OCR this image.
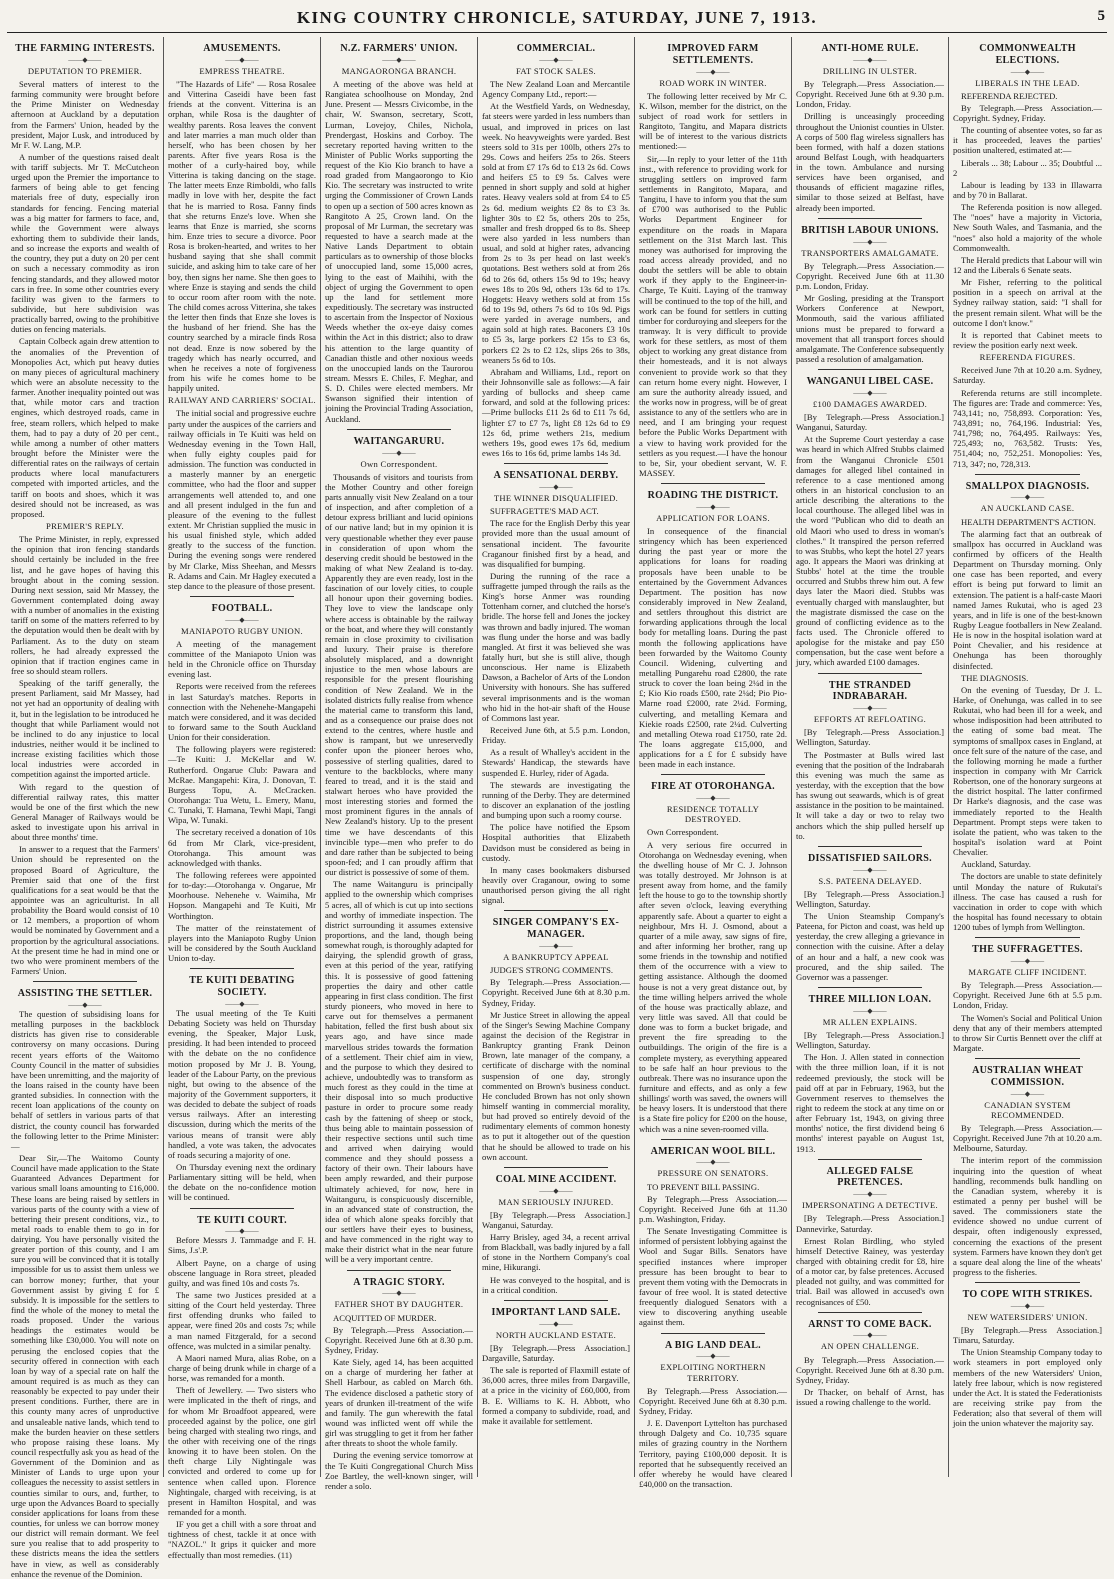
KING COUNTRY CHRONICLE, SATURDAY, JUNE 7, 1913.	5
THE FARMING INTERESTS.
——◆——
DEPUTATION TO PREMIER.

Several matters of interest to the farming community were brought before the Prime Minister on Wednesday afternoon at Auckland by a deputation from the Farmers' Union, headed by the president, Major Lusk, and introduced by Mr F. W. Lang, M.P.

A number of the questions raised dealt with tariff subjects. Mr T. McCutcheon urged upon the Premier the importance to farmers of being able to get fencing materials free of duty, especially iron standards for fencing. Fencing material was a big matter for farmers to face, and, while the Government were always exhorting them to subdivide their lands, and so increase the exports and wealth of the country, they put a duty on 20 per cent on such a necessary commodity as iron fencing standards, and they allowed motor cars in free. In some other countries every facility was given to the farmers to subdivide, but here subdivision was practically barred, owing to the prohibitive duties on fencing materials.

Captain Colbeck again drew attention to the anomalies of the Prevention of Monopolies Act, which put heavy duties on many pieces of agricultural machinery which were an absolute necessity to the farmer. Another inequality pointed out was that, while motor cars and traction engines, which destroyed roads, came in free, steam rollers, which helped to make them, had to pay a duty of 20 per cent., while among a number of other matters brought before the Minister were the differential rates on the railways of certain products where local manufacturers competed with imported articles, and the tariff on boots and shoes, which it was desired should not be increased, as was proposed.

PREMIER'S REPLY.

The Prime Minister, in reply, expressed the opinion that iron fencing standards should certainly be included in the free list, and he gave hopes of having this brought about in the coming session. During next session, said Mr Massey, the Government contemplated doing away with a number of anomalies in the existing tariff on some of the matters referred to by the deputation would then be dealt with by Parliament. As to the duty on steam rollers, he had already expressed the opinion that if traction engines came in free so should steam rollers.

Speaking of the tariff generally, the present Parliament, said Mr Massey, had not yet had an opportunity of dealing with it, but in the legislation to be introduced he thought that while Parliament would not be inclined to do any injustice to local industries, neither would it be inclined to increase existing facilities which those local industries were accorded in competition against the imported article.

With regard to the question of differential railway rates, this matter would be one of the first which the new General Manager of Railways would be asked to investigate upon his arrival in about three months' time.

In answer to a request that the Farmers' Union should be represented on the proposed Board of Agriculture, the Premier said that one of the first qualifications for a seat would be that the appointee was an agriculturist. In all probability the Board would consist of 10 or 12 members, a proportion of whom would be nominated by Government and a proportion by the agricultural associations. At the present time he had in mind one or two who were prominent members of the Farmers' Union.

ASSISTING THE SETTLER.
——◆——

The question of subsidising loans for metalling purposes in the backblock districts has given rise to considerable controversy on many occasions. During recent years efforts of the Waitomo County Council in the matter of subsidies have been unremitting, and the majority of the loans raised in the county have been granted subsidies. In connection with the recent loan applications of the county on behalf of settlers in various parts of that district, the county council has forwarded the following letter to the Prime Minister:—

Dear Sir,—The Waitomo County Council have made application to the State Guaranteed Advances Department for various small loans amounting to £16,000. These loans are being raised by settlers in various parts of the county with a view of bettering their present conditions, viz., to metal roads to enable them to go in for dairying. You have personally visited the greater portion of this county, and I am sure you will be convinced that it is totally impossible for us to assist them unless we can borrow money; further, that your Government assist by giving £ for £ subsidy. It is impossible for the settlers to find the whole of the money to metal the roads proposed. Under the various headings the estimates would be something like £30,000. You will note on perusing the enclosed copies that the security offered in connection with each loan by way of a special rate on half the amount required is as much as they can reasonably be expected to pay under their present conditions. Further, there are in this county many acres of unproductive and unsaleable native lands, which tend to make the burden heavier on these settlers who propose raising these loans. My council respectfully ask you as head of the Government of the Dominion and as Minister of Lands to urge upon your colleagues the necessity to assist settlers in counties similar to ours, and, further, to urge upon the Advances Board to specially consider applications for loans from these counties, for unless we can borrow money our district will remain dormant. We feel sure you realise that to add prosperity to these districts means the idea the settlers have in view, as well as considerably enhance the revenue of the Dominion.

AMUSEMENTS.
——◆——
EMPRESS THEATRE.

"The Hazards of Life" — Rosa Rosalee and Vitterina Caseidi have been fast friends at the convent. Vitterina is an orphan, while Rosa is the daughter of wealthy parents. Rosa leaves the convent and later marries a man much older than herself, who has been chosen by her parents. After five years Rosa is the mother of a curly-haired boy, while Vitterina is taking dancing on the stage. The latter meets Enze Rimboldi, who falls madly in love with her, despite the fact that he is married to Rosa. Fanny finds that she returns Enze's love. When she learns that Enze is married, she scorns him. Enze tries to secure a divorce. Poor Rosa is broken-hearted, and writes to her husband saying that she shall commit suicide, and asking him to take care of her boy, then signs her name. She then goes to where Enze is staying and sends the child to occur room after room with the note. The child comes across Vitterina, she takes the letter then finds that Enze she loves is the husband of her friend. She has the country searched by a miracle finds Rosa not dead. Enze is now sobered by the tragedy which has nearly occurred, and when he receives a note of forgiveness from his wife he comes home to be happily united.

RAILWAY AND CARRIERS' SOCIAL.

The initial social and progressive euchre party under the auspices of the carriers and railway officials in Te Kuiti was held on Wednesday evening in the Town Hall, when fully eighty couples paid for admission. The function was conducted in a masterly manner by an energetic committee, who had the floor and supper arrangements well attended to, and one and all present indulged in the fun and pleasure of the evening to the fullest extent. Mr Christian supplied the music in his usual finished style, which added greatly to the success of the function. During the evening songs were rendered by Mr Clarke, Miss Sheehan, and Messrs R. Adams and Cain. Mr Hagley executed a step dance to the pleasure of those present.

FOOTBALL.
——◆——
MANIAPOTO RUGBY UNION.

A meeting of the management committee of the Maniapoto Union was held in the Chronicle office on Thursday evening last.

Reports were received from the referees in last Saturday's matches. Reports in connection with the Nehenehe-Mangapehi match were considered, and it was decided to forward same to the South Auckland Union for their consideration.

The following players were registered:—Te Kuiti: J. McKellar and W. Rutherford. Ongarue Club: Pawara and McRae. Mangapehi: Kira, J. Donovan, T. Burgess Topu, A. McCracken. Otorohanga: Tua Wetu, L. Emery, Manu, C. Tunaki, T. Hamana, Tewhi Mapi, Tangi Wipa, W. Tunaki.

The secretary received a donation of 10s 6d from Mr Clark, vice-president, Otorohanga. This amount was acknowledged with thanks.

The following referees were appointed for to-day:—Otorohanga v. Ongarue, Mr Moorhouse. Nehenehe v. Waimiha, Mr Hopson. Mangapehi and Te Kuiti, Mr Worthington.

The matter of the reinstatement of players into the Maniapoto Rugby Union will be considered by the South Auckland Union to-day.

TE KUITI DEBATING SOCIETY.
——◆——

The usual meeting of the Te Kuiti Debating Society was held on Thursday evening, the Speaker, Major Lusk, presiding. It had been intended to proceed with the debate on the no confidence motion proposed by Mr J. B. Young, leader of the Labour Party, on the previous night, but owing to the absence of the majority of the Government supporters, it was decided to debate the subject of roads versus railways. After an interesting discussion, during which the merits of the various means of transit were ably handled, a vote was taken, the advocates of roads securing a majority of one.

On Thursday evening next the ordinary Parliamentary sitting will be held, when the debate on the no-confidence motion will be continued.

TE KUITI COURT.
——◆——

Before Messrs J. Tammadge and F. H. Sims, J.s'.P.

Albert Payne, on a charge of using obscene language in Rora street, pleaded guilty, and was fined 10s and costs 7s.

The same two Justices presided at a sitting of the Court held yesterday. Three first offending drunks who failed to appear, were fined 20s and costs 7s; while a man named Fitzgerald, for a second offence, was mulcted in a similar penalty.

A Maori named Mura, alias Robe, on a charge of being drunk while in charge of a horse, was remanded for a month.

Theft of Jewellery. — Two sisters who were implicated in the theft of rings, and for whom Mr Broadfoot appeared, were proceeded against by the police, one girl being charged with stealing two rings, and the other with receiving one of the rings knowing it to have been stolen. On the theft charge Lily Nightingale was convicted and ordered to come up for sentence when called upon. Florence Nightingale, charged with receiving, is at present in Hamilton Hospital, and was remanded for a month.

IF you get a chill with a sore throat and tightness of chest, tackle it at once with "NAZOL." It grips it quicker and more effectually than most remedies. (11)

N.Z. FARMERS' UNION.
——◆——
MANGAORONGA BRANCH.

A meeting of the above was held at Rangiatea schoolhouse on Monday, 2nd June. Present — Messrs Civicombe, in the chair, W. Swanson, secretary, Scott, Lurman, Lovejoy, Chiles, Nichola, Prendergast, Hoskins and Corboy. The secretary reported having written to the Minister of Public Works supporting the request of the Kio Kio branch to have a road graded from Mangaorongo to Kio Kio. The secretary was instructed to write urging the Commissioner of Crown Lands to open up a section of 500 acres known as Rangitoto A 25, Crown land. On the proposal of Mr Lurman, the secretary was requested to have a search made at the Native Lands Department to obtain particulars as to ownership of those blocks of unoccupied land, some 15,000 acres, lying to the east of Maihihi, with the object of urging the Government to open up the land for settlement more expeditiously. The secretary was instructed to ascertain from the Inspector of Noxious Weeds whether the ox-eye daisy comes within the Act in this district; also to draw his attention to the large quantity of Canadian thistle and other noxious weeds on the unoccupied lands on the Taurorou stream. Messrs E. Chiles, F. Meghar, and S. D. Chiles were elected members. Mr Swanson signified their intention of joining the Provincial Trading Association, Auckland.

WAITANGARURU.
——◆——
Own Correspondent.

Thousands of visitors and tourists from the Mother Country and other foreign parts annually visit New Zealand on a tour of inspection, and after completion of a detour express brilliant and lucid opinions of our native land; but in my opinion it is very questionable whether they ever pause in consideration of upon whom the deserving credit should be bestowed in the making of what New Zealand is to-day. Apparently they are even ready, lost in the fascination of our lovely cities, to couple all honour upon their governing bodies. They love to view the landscape only where access is obtainable by the railway or the boat, and where they will constantly remain in close proximity to civilisation and luxury. Their praise is therefore absolutely misplaced, and a downright injustice to the men whose labours are responsible for the present flourishing condition of New Zealand. We in the isolated districts fully realise from whence the material came to transform this land, and as a consequence our praise does not extend to the centres, where hustle and show is rampant, but we unreservedly confer upon the pioneer heroes who, possessive of sterling qualities, dared to venture to the backblocks, where many feared to tread, and it is the staid and stalwart heroes who have provided the most interesting stories and formed the most prominent figures in the annals of New Zealand's history. Up to the present time we have descendants of this invincible type—men who prefer to do and dare rather than be subjected to being spoon-fed; and I can proudly affirm that our district is possessive of some of them.

The name Waitanguru is principally applied to the ownership which comprises 5 acres, all of which is cut up into sections and worthy of immediate inspection. The district surrounding it assumes extensive proportions, and the land, though being somewhat rough, is thoroughly adapted for dairying, the splendid growth of grass, even at this period of the year, ratifying this. It is possessive of good fattening properties the dairy and other cattle appearing in first class condition. The first sturdy pioneers, who moved in here to carve out for themselves a permanent habitation, felled the first bush about six years ago, and have since made marvellous strides towards the formation of a settlement. Their chief aim in view, and the purpose to which they desired to achieve, undoubtedly was to transform as much forest as they could in the time at their disposal into so much productive pasture in order to procure some ready cash by the fattening of sheep or stock, thus being able to maintain possession of their respective sections until such time and arrived when dairying would commence and they should possess a factory of their own. Their labours have been amply rewarded, and their purpose ultimately achieved, for now, here in Waitanguru, is conspicuously discernible, in an advanced state of construction, the idea of which alone speaks forcibly that our settlers have their eyes to business, and have commenced in the right way to make their district what in the near future will be a very important centre.

A TRAGIC STORY.
——◆——
FATHER SHOT BY DAUGHTER.

ACQUITTED OF MURDER.

By Telegraph.—Press Association.—Copyright. Received June 6th at 8.30 p.m. Sydney, Friday.

Kate Siely, aged 14, has been acquitted on a charge of murdering her father at Shell Harbour, as cabled on March 6th. The evidence disclosed a pathetic story of years of drunken ill-treatment of the wife and family. The gun wherewith the fatal wound was inflicted went off while the girl was struggling to get it from her father after threats to shoot the whole family.

During the evening service tomorrow at the Te Kuiti Congregational Church Miss Zoe Bartley, the well-known singer, will render a solo.

COMMERCIAL.
——◆——
FAT STOCK SALES.

The New Zealand Loan and Mercantile Agency Company Ltd., report:—

At the Westfield Yards, on Wednesday, fat steers were yarded in less numbers than usual, and improved in prices on last week. No heavyweights were yarded. Best steers sold to 31s per 100lb, others 27s to 29s. Cows and heifers 25s to 26s. Steers sold at from £7 17s 6d to £13 2s 6d. Cows and heifers £5 to £9 5s. Calves were penned in short supply and sold at higher rates. Heavy vealers sold at from £4 to £5 2s 6d. medium weights £2 8s to £3 3s. lighter 30s to £2 5s, others 20s to 25s, smaller and fresh dropped 6s to 8s. Sheep were also yarded in less numbers than usual, and sold at higher rates, advancing from 2s to 3s per head on last week's quotations. Best wethers sold at from 26s 6d to 26s 6d, others 15s 9d to 19s; heavy ewes 18s to 20s 9d, others 13s 6d to 17s. Hoggets: Heavy wethers sold at from 15s 6d to 19s 9d, others 7s 6d to 10s 9d. Pigs were yarded in average numbers, and again sold at high rates. Baconers £3 10s to £5 3s, large porkers £2 15s to £3 6s, porkers £2 2s to £2 12s, slips 26s to 38s, weaners 5s 6d to 10s.

Abraham and Williams, Ltd., report on their Johnsonville sale as follows:—A fair yarding of bullocks and sheep came forward, and sold at the following prices:—Prime bullocks £11 2s 6d to £11 7s 6d, lighter £7 to £7 7s, light £8 12s 6d to £9 12s 6d, prime wethers 21s, medium wethers 19s, good ewes 17s 6d, medium ewes 16s to 16s 6d, prime lambs 14s 3d.

A SENSATIONAL DERBY.
——◆——
THE WINNER DISQUALIFIED.

SUFFRAGETTE'S MAD ACT.

The race for the English Derby this year provided more than the usual amount of sensational incident. The favourite Craganour finished first by a head, and was disqualified for bumping.

During the running of the race a suffragette jumped through the rails as the King's horse Anmer was rounding Tottenham corner, and clutched the horse's bridle. The horse fell and Jones the jockey was thrown and badly injured. The woman was flung under the horse and was badly mangled. At first it was believed she was fatally hurt, but she is still alive, though unconscious. Her name is Elizabeth Dawson, a Bachelor of Arts of the London University with honours. She has suffered several imprisonments and is the woman who hid in the hot-air shaft of the House of Commons last year.

Received June 6th, at 5.5 p.m. London, Friday.

As a result of Whalley's accident in the Stewards' Handicap, the stewards have suspended E. Hurley, rider of Agada.

The stewards are investigating the running of the Derby. They are determined to discover an explanation of the jostling and bumping upon such a roomy course.

The police have notified the Epsom Hospital authorities that Elizabeth Davidson must be considered as being in custody.

In many cases bookmakers disbursed heavily over Craganour, owing to some unauthorised person giving the all right signal.

SINGER COMPANY'S EX-MANAGER.
——◆——
A BANKRUPTCY APPEAL

JUDGE'S STRONG COMMENTS.

By Telegraph.—Press Association.—Copyright. Received June 6th at 8.30 p.m. Sydney, Friday.

Mr Justice Street in allowing the appeal of the Singer's Sewing Machine Company against the decision of the Registrar in Bankruptcy granting Frank Deinon Brown, late manager of the company, a certificate of discharge with the nominal suspension of one day, strongly commented on Brown's business conduct. He concluded Brown has not only shown himself wanting in commercial morality, but had proved so entirely devoid of the rudimentary elements of common honesty as to put it altogether out of the question that he should be allowed to trade on his own account.

COAL MINE ACCIDENT.
——◆——
MAN SERIOUSLY INJURED.

[By Telegraph.—Press Association.] Wanganui, Saturday.

Harry Brisley, aged 34, a recent arrival from Blackball, was badly injured by a fall of stone in the Northern Company's coal mine, Hikurangi.

He was conveyed to the hospital, and is in a critical condition.

IMPORTANT LAND SALE.
——◆——
NORTH AUCKLAND ESTATE.

[By Telegraph.—Press Association.] Dargaville, Saturday.

The sale is reported of Flaxmill estate of 36,000 acres, three miles from Dargaville, at a price in the vicinity of £60,000, from B. E. Williams to K. H. Abbott, who formed a company to subdivide, road, and make it available for settlement.

IMPROVED FARM SETTLEMENTS.
——◆——
ROAD WORK IN WINTER.

The following letter received by Mr C. K. Wilson, member for the district, on the subject of road work for settlers in Rangitoto, Tangitu, and Mapara districts will be of interest to the various districts mentioned:—

Sir,—In reply to your letter of the 11th inst., with reference to providing work for struggling settlers on improved farm settlements in Rangitoto, Mapara, and Tangitu, I have to inform you that the sum of £700 was authorised to the Public Works Department Engineer for expenditure on the roads in Mapara settlement on the 31st March last. This money was authorised for improving the road access already provided, and no doubt the settlers will be able to obtain work if they apply to the Engineer-in-Charge, Te Kuiti. Laying of the tramway will be continued to the top of the hill, and work can be found for settlers in cutting timber for corduroying and sleepers for the tramway. It is very difficult to provide work for these settlers, as most of them object to working any great distance from their homesteads, and it is not always convenient to provide work so that they can return home every night. However, I am sure the authority already issued, and the works now in progress, will be of great assistance to any of the settlers who are in need, and I am bringing your request before the Public Works Department with a view to having work provided for the settlers as you request.—I have the honour to be, Sir, your obedient servant, W. F. MASSEY.

ROADING THE DISTRICT.
——◆——
APPLICATION FOR LOANS.

In consequence of the financial stringency which has been experienced during the past year or more the applications for loans for roading proposals have been unable to be entertained by the Government Advances Department. The position has now considerably improved in New Zealand, and settlers throughout this district are forwarding applications through the local body for metalling loans. During the past month the following applications have been forwarded by the Waitomo County Council. Widening, culverting and metalling Pungarehu road £2800, the rate struck to cover the loan being 2¼d in the £; Kio Kio roads £500, rate 2¼d; Pio Pio-Marne road £2000, rate 2¼d. Forming, culverting, and metalling Kemara and Kiekie roads £2500, rate 2¼d. Culverting and metalling Otewa road £1750, rate 2d. The loans aggregate £15,000, and applications for a £ for £ subsidy have been made in each instance.

FIRE AT OTOROHANGA.
——◆——
RESIDENCE TOTALLY DESTROYED.

Own Correspondent.

A very serious fire occurred in Otorohanga on Wednesday evening, when the dwelling house of Mr C. J. Johnson was totally destroyed. Mr Johnson is at present away from home, and the family left the house to go to the township shortly after seven o'clock, leaving everything apparently safe. About a quarter to eight a neighbour, Mrs H. J. Osmond, about a quarter of a mile away, saw signs of fire, and after informing her brother, rang up some friends in the township and notified them of the occurrence with a view to getting assistance. Although the doomed house is not a very great distance out, by the time willing helpers arrived the whole of the house was practically ablaze, and very little was saved. All that could be done was to form a bucket brigade, and prevent the fire spreading to the outbuildings. The origin of the fire is a complete mystery, as everything appeared to be safe half an hour previous to the outbreak. There was no insurance upon the furniture and effects, and as only a few shillings' worth was saved, the owners will be heavy losers. It is understood that there is a State fire policy for £200 on the house, which was a nine seven-roomed villa.

AMERICAN WOOL BILL.
——◆——
PRESSURE ON SENATORS.

TO PREVENT BILL PASSING.

By Telegraph.—Press Association.—Copyright. Received June 6th at 11.30 p.m. Washington, Friday.

The Senate Investigating Committee is informed of persistent lobbying against the Wool and Sugar Bills. Senators have specified instances where improper pressure has been brought to bear to prevent them voting with the Democrats in favour of free wool. It is stated detective freequently dialogued Senators with a view to discovering anything useable against them.

A BIG LAND DEAL.
——◆——
EXPLOITING NORTHERN TERRITORY.

By Telegraph.—Press Association.—Copyright. Received June 6th at 8.30 p.m. Sydney, Friday.

J. E. Davenport Lyttelton has purchased through Dalgety and Co. 10,735 square miles of grazing country in the Northern Territory, paying £100,000 deposit. It is reported that he subsequently received an offer whereby he would have cleared £40,000 on the transaction.

ANTI-HOME RULE.
——◆——
DRILLING IN ULSTER.

By Telegraph.—Press Association.—Copyright. Received June 6th at 9.30 p.m. London, Friday.

Drilling is unceasingly proceeding throughout the Unionist counties in Ulster. A corps of 500 flag wireless signallers has been formed, with half a dozen stations around Belfast Lough, with headquarters in the town. Ambulance and nursing services have been organised, and thousands of efficient magazine rifles, similar to those seized at Belfast, have already been imported.

BRITISH LABOUR UNIONS.
——◆——
TRANSPORTERS AMALGAMATE.

By Telegraph.—Press Association.—Copyright. Received June 6th at 11.30 p.m. London, Friday.

Mr Gosling, presiding at the Transport Workers Conference at Newport, Monmouth, said the various affiliated unions must be prepared to forward a movement that all transport forces should amalgamate. The Conference subsequently passed a resolution of amalgamation.

WANGANUI LIBEL CASE.
——◆——
£100 DAMAGES AWARDED.

[By Telegraph.—Press Association.] Wanganui, Saturday.

At the Supreme Court yesterday a case was heard in which Alfred Stubbs claimed from the Wanganui Chronicle £501 damages for alleged libel contained in reference to a case mentioned among others in an historical conclusion to an article describing the alterations to the local courthouse. The alleged libel was in the word "Publican who did to death an old Maori who used to dress in woman's clothes." It transpired the person referred to was Stubbs, who kept the hotel 27 years ago. It appears the Maori was drinking at Stubbs' hotel at the time the trouble occurred and Stubbs threw him out. A few days later the Maori died. Stubbs was eventually charged with manslaughter, but the magistrate dismissed the case on the ground of conflicting evidence as to the facts used. The Chronicle offered to apologise for the mistake and pay £50 compensation, but the case went before a jury, which awarded £100 damages.

THE STRANDED INDRABARAH.
——◆——
EFFORTS AT REFLOATING.

[By Telegraph.—Press Association.] Wellington, Saturday.

The Postmaster at Bulls wired last evening that the position of the Indrabarah this evening was much the same as yesterday, with the exception that the bow has swung out seawards, which is of great assistance in the position to be maintained. It will take a day or two to relay two anchors which the ship pulled herself up to.

DISSATISFIED SAILORS.
——◆——
S.S. PATEENA DELAYED.

[By Telegraph.—Press Association.] Wellington, Saturday.

The Union Steamship Company's Pateena, for Picton and coast, was held up yesterday, the crew alleging a grievance in connection with the cuisine. After a delay of an hour and a half, a new cook was procured, and the ship sailed. The Governor was a passenger.

THREE MILLION LOAN.
——◆——
MR ALLEN EXPLAINS.

[By Telegraph.—Press Association.] Wellington, Saturday.

The Hon. J. Allen stated in connection with the three million loan, if it is not redeemed previously, the stock will be paid off at par in February, 1963, but the Government reserves to themselves the right to redeem the stock at any time on or after February 1st, 1943, on giving three months' notice, the first dividend being 6 months' interest payable on August 1st, 1913.

ALLEGED FALSE PRETENCES.
——◆——
IMPERSONATING A DETECTIVE.

[By Telegraph.—Press Association.] Dannevirke, Saturday.

Ernest Rolan Birdling, who styled himself Detective Rainey, was yesterday charged with obtaining credit for £8, hire of a motor car, by false pretences. Accused pleaded not guilty, and was committed for trial. Bail was allowed in accused's own recognisances of £50.

ARNST TO COME BACK.
——◆——
AN OPEN CHALLENGE.

By Telegraph.—Press Association.—Copyright. Received June 6th at 8.30 p.m. Sydney, Friday.

Dr Thacker, on behalf of Arnst, has issued a rowing challenge to the world.

COMMONWEALTH ELECTIONS.
——◆——
LIBERALS IN THE LEAD.

REFERENDA REJECTED.

By Telegraph.—Press Association.—Copyright. Sydney, Friday.

The counting of absentee votes, so far as it has proceeded, leaves the parties' position unaltered, estimated at:—

Liberals ... 38; Labour ... 35; Doubtful ... 2

Labour is leading by 133 in Illawarra and by 70 in Ballarat.

The Referenda position is now alleged. The "noes" have a majority in Victoria, New South Wales, and Tasmania, and the "noes" also hold a majority of the whole Commonwealth.

The Herald predicts that Labour will win 12 and the Liberals 6 Senate seats.

Mr Fisher, referring to the political position in a speech on arrival at the Sydney railway station, said: "I shall for the present remain silent. What will be the outcome I don't know."

It is reported that Cabinet meets to review the position early next week.

REFERENDA FIGURES.

Received June 7th at 10.20 a.m. Sydney, Saturday.

Referenda returns are still incomplete. The figures are: Trade and commerce: Yes, 743,141; no, 758,893. Corporation: Yes, 743,891; no, 764,196. Industrial: Yes, 741,798; no, 764,495. Railways: Yes, 725,493; no, 763,582. Trusts: Yes, 751,404; no, 752,251. Monopolies: Yes, 713, 347; no, 728,313.

SMALLPOX DIAGNOSIS.
——◆——
AN AUCKLAND CASE.

HEALTH DEPARTMENT'S ACTION.

The alarming fact that an outbreak of smallpox has occurred in Auckland was confirmed by officers of the Health Department on Thursday morning. Only one case has been reported, and every effort is being put forward to limit an extension. The patient is a half-caste Maori named James Rukutai, who is aged 23 years, and in life is one of the best-known Rugby League footballers in New Zealand. He is now in the hospital isolation ward at Point Chevalier, and his residence at Onehunga has been thoroughly disinfected.

THE DIAGNOSIS.

On the evening of Tuesday, Dr J. L. Harke, of Onehunga, was called in to see Rukutai, who had been ill for a week, and whose indisposition had been attributed to the eating of some bad meat. The symptoms of smallpox cases in England, at once felt sure of the nature of the case, and the following morning he made a further inspection in company with Mr Carrick Robertson, one of the honorary surgeons at the district hospital. The latter confirmed Dr Harke's diagnosis, and the case was immediately reported to the Health Department. Prompt steps were taken to isolate the patient, who was taken to the hospital's isolation ward at Point Chevalier.

Auckland, Saturday.

The doctors are unable to state definitely until Monday the nature of Rukutai's illness. The case has caused a rush for vaccination in order to cope with which the hospital has found necessary to obtain 1200 tubes of lymph from Wellington.

THE SUFFRAGETTES.
——◆——
MARGATE CLIFF INCIDENT.

By Telegraph.—Press Association.—Copyright. Received June 6th at 5.5 p.m. London, Friday.

The Women's Social and Political Union deny that any of their members attempted to throw Sir Curtis Bennett over the cliff at Margate.

AUSTRALIAN WHEAT COMMISSION.
——◆——
CANADIAN SYSTEM RECOMMENDED.

By Telegraph.—Press Association.—Copyright. Received June 7th at 10.20 a.m. Melbourne, Saturday.

The interim report of the commission inquiring into the question of wheat handling, recommends bulk handling on the Canadian system, whereby it is estimated a penny per bushel will be saved. The commissioners state the evidence showed no undue current of despair, often indigenously expressed, concerning the exactions of the present system. Farmers have known they don't get a square deal along the line of the wheats' progress to the fisheries.

TO COPE WITH STRIKES.
——◆——
NEW WATERSIDERS' UNION.

[By Telegraph.—Press Association.] Timaru, Saturday.

The Union Steamship Company today to work steamers in port employed only members of the new Watersiders' Union, lately free labour, which is now registered under the Act. It is stated the Federationists are receiving strike pay from the Federation; also that several of them will join the union whatever the majority say.
